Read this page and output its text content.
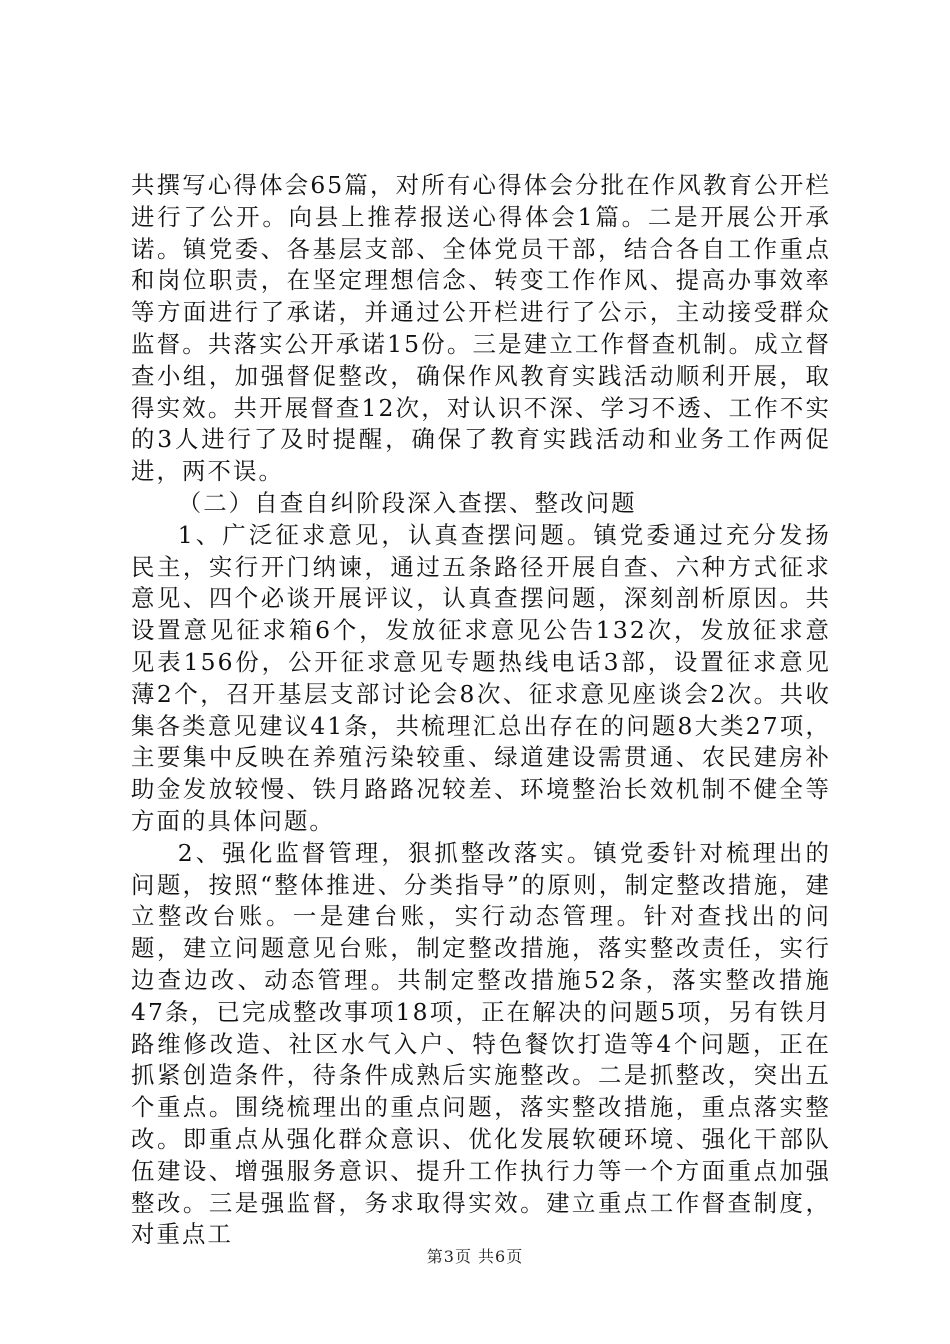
共撰写心得体会65篇，对所有心得体会分批在作风教育公开栏进行了公开。向县上推荐报送心得体会1篇。二是开展公开承诺。镇党委、各基层支部、全体党员干部，结合各自工作重点和岗位职责，在坚定理想信念、转变工作作风、提高办事效率等方面进行了承诺，并通过公开栏进行了公示，主动接受群众监督。共落实公开承诺15份。三是建立工作督查机制。成立督查小组，加强督促整改，确保作风教育实践活动顺利开展，取得实效。共开展督查12次，对认识不深、学习不透、工作不实的3人进行了及时提醒，确保了教育实践活动和业务工作两促进，两不误。

（二）自查自纠阶段深入查摆、整改问题

1、广泛征求意见，认真查摆问题。镇党委通过充分发扬民主，实行开门纳谏，通过五条路径开展自查、六种方式征求意见、四个必谈开展评议，认真查摆问题，深刻剖析原因。共设置意见征求箱6个，发放征求意见公告132次，发放征求意见表156份，公开征求意见专题热线电话3部，设置征求意见薄2个，召开基层支部讨论会8次、征求意见座谈会2次。共收集各类意见建议41条，共梳理汇总出存在的问题8大类27项，主要集中反映在养殖污染较重、绿道建设需贯通、农民建房补助金发放较慢、铁月路路况较差、环境整治长效机制不健全等方面的具体问题。

2、强化监督管理，狠抓整改落实。镇党委针对梳理出的问题，按照“整体推进、分类指导”的原则，制定整改措施，建立整改台账。一是建台账，实行动态管理。针对查找出的问题，建立问题意见台账，制定整改措施，落实整改责任，实行边查边改、动态管理。共制定整改措施52条，落实整改措施47条，已完成整改事项18项，正在解决的问题5项，另有铁月路维修改造、社区水气入户、特色餐饮打造等4个问题，正在抓紧创造条件，待条件成熟后实施整改。二是抓整改，突出五个重点。围绕梳理出的重点问题，落实整改措施，重点落实整改。即重点从强化群众意识、优化发展软硬环境、强化干部队伍建设、增强服务意识、提升工作执行力等一个方面重点加强整改。三是强监督，务求取得实效。建立重点工作督查制度，对重点工

第3页 共6页
